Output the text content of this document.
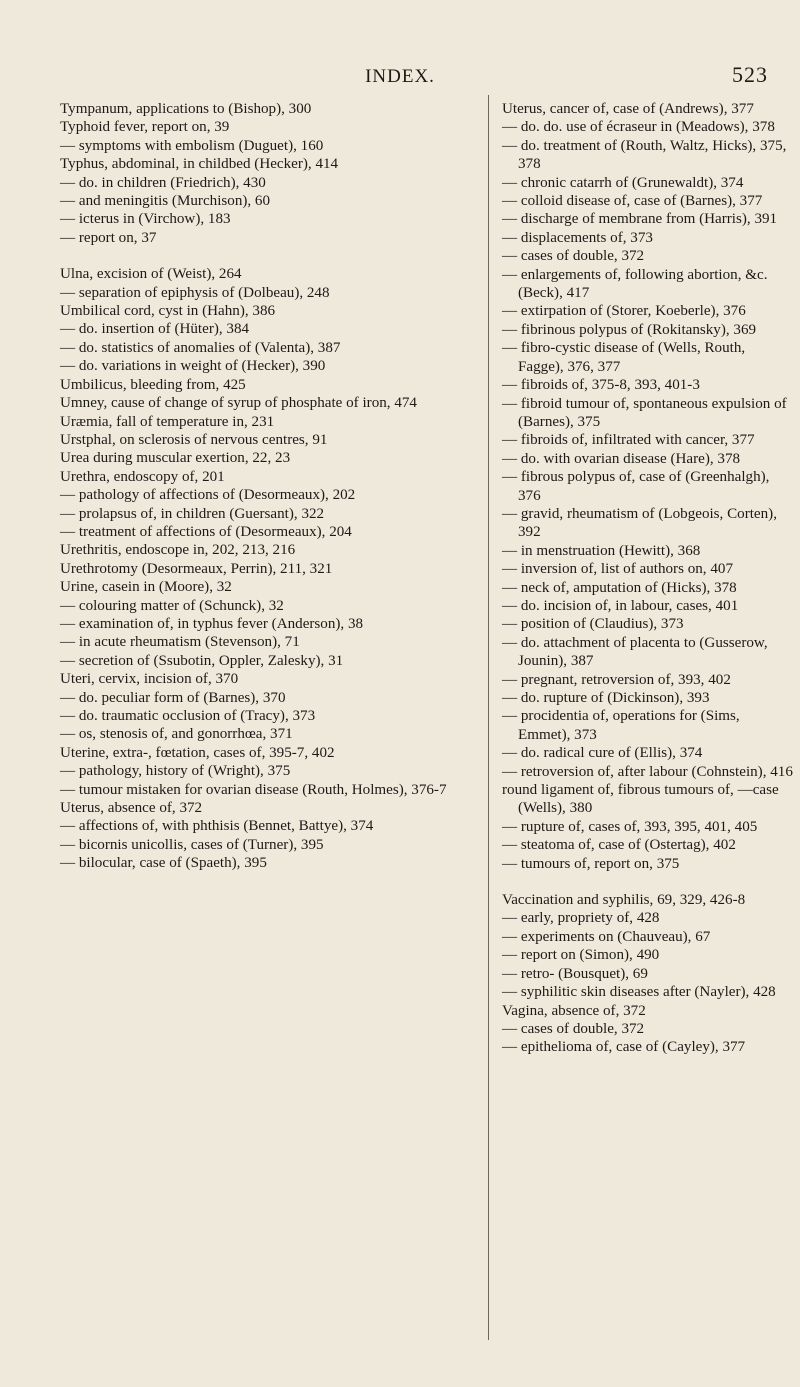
INDEX.	523

Tympanum, applications to (Bishop), 300

Typhoid fever, report on, 39

— symptoms with embolism (Duguet), 160

Typhus, abdominal, in childbed (Hecker), 414

— do. in children (Friedrich), 430

— and meningitis (Murchison), 60

— icterus in (Virchow), 183

— report on, 37

Ulna, excision of (Weist), 264

— separation of epiphysis of (Dolbeau), 248

Umbilical cord, cyst in (Hahn), 386

— do. insertion of (Hüter), 384

— do. statistics of anomalies of (Valenta), 387

— do. variations in weight of (Hecker), 390

Umbilicus, bleeding from, 425

Umney, cause of change of syrup of phosphate of iron, 474

Uræmia, fall of temperature in, 231

Urstphal, on sclerosis of nervous centres, 91

Urea during muscular exertion, 22, 23

Urethra, endoscopy of, 201

— pathology of affections of (Desormeaux), 202

— prolapsus of, in children (Guersant), 322

— treatment of affections of (Desormeaux), 204

Urethritis, endoscope in, 202, 213, 216

Urethrotomy (Desormeaux, Perrin), 211, 321

Urine, casein in (Moore), 32

— colouring matter of (Schunck), 32

— examination of, in typhus fever (Anderson), 38

— in acute rheumatism (Stevenson), 71

— secretion of (Ssubotin, Oppler, Zalesky), 31

Uteri, cervix, incision of, 370

— do. peculiar form of (Barnes), 370

— do. traumatic occlusion of (Tracy), 373

— os, stenosis of, and gonorrhœa, 371

Uterine, extra-, fœtation, cases of, 395-7, 402

— pathology, history of (Wright), 375

— tumour mistaken for ovarian disease (Routh, Holmes), 376-7

Uterus, absence of, 372

— affections of, with phthisis (Bennet, Battye), 374

— bicornis unicollis, cases of (Turner), 395

— bilocular, case of (Spaeth), 395

Uterus, cancer of, case of (Andrews), 377

— do. do. use of écraseur in (Meadows), 378

— do. treatment of (Routh, Waltz, Hicks), 375, 378

— chronic catarrh of (Grunewaldt), 374

— colloid disease of, case of (Barnes), 377

— discharge of membrane from (Harris), 391

— displacements of, 373

— cases of double, 372

— enlargements of, following abortion, &c. (Beck), 417

— extirpation of (Storer, Koeberle), 376

— fibrinous polypus of (Rokitansky), 369

— fibro-cystic disease of (Wells, Routh, Fagge), 376, 377

— fibroids of, 375-8, 393, 401-3

— fibroid tumour of, spontaneous expulsion of (Barnes), 375

— fibroids of, infiltrated with cancer, 377

— do. with ovarian disease (Hare), 378

— fibrous polypus of, case of (Greenhalgh), 376

— gravid, rheumatism of (Lobgeois, Corten), 392

— in menstruation (Hewitt), 368

— inversion of, list of authors on, 407

— neck of, amputation of (Hicks), 378

— do. incision of, in labour, cases, 401

— position of (Claudius), 373

— do. attachment of placenta to (Gusserow, Jounin), 387

— pregnant, retroversion of, 393, 402

— do. rupture of (Dickinson), 393

— procidentia of, operations for (Sims, Emmet), 373

— do. radical cure of (Ellis), 374

— retroversion of, after labour (Cohnstein), 416

round ligament of, fibrous tumours of, —case (Wells), 380

— rupture of, cases of, 393, 395, 401, 405

— steatoma of, case of (Ostertag), 402

— tumours of, report on, 375

Vaccination and syphilis, 69, 329, 426-8

— early, propriety of, 428

— experiments on (Chauveau), 67

— report on (Simon), 490

— retro- (Bousquet), 69

— syphilitic skin diseases after (Nayler), 428

Vagina, absence of, 372

— cases of double, 372

— epithelioma of, case of (Cayley), 377
